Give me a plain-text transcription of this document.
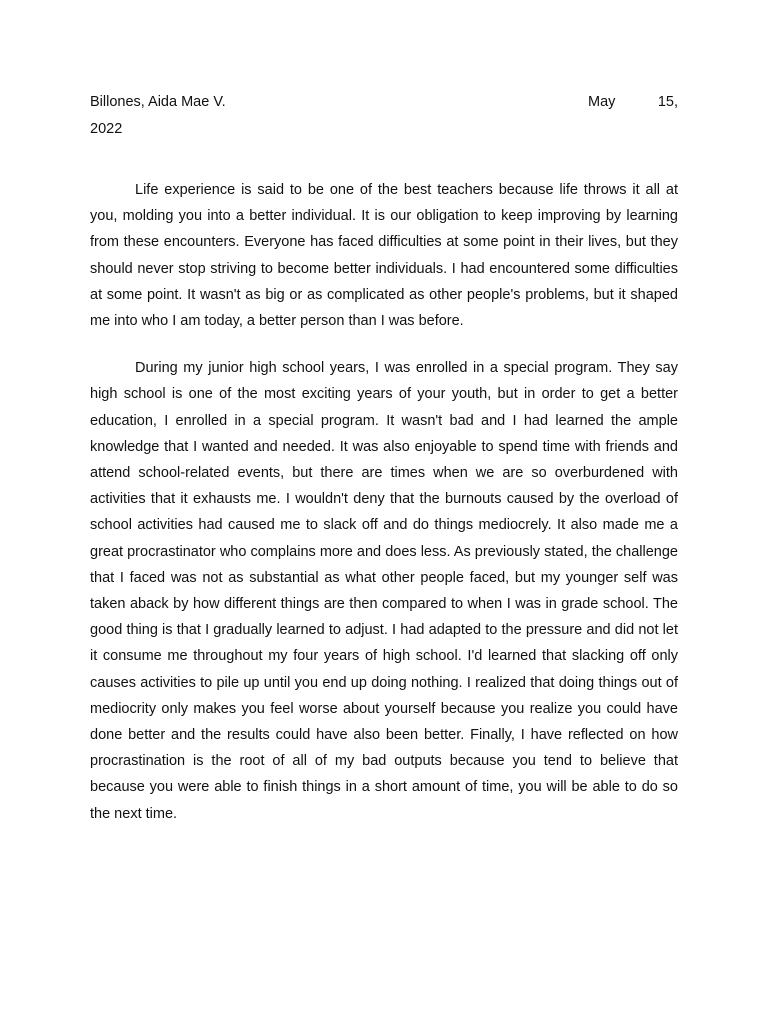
Billones, Aida Mae V.	May	15,
2022

Life experience is said to be one of the best teachers because life throws it all at you, molding you into a better individual. It is our obligation to keep improving by learning from these encounters. Everyone has faced difficulties at some point in their lives, but they should never stop striving to become better individuals. I had encountered some difficulties at some point. It wasn't as big or as complicated as other people's problems, but it shaped me into who I am today, a better person than I was before.

During my junior high school years, I was enrolled in a special program. They say high school is one of the most exciting years of your youth, but in order to get a better education, I enrolled in a special program. It wasn't bad and I had learned the ample knowledge that I wanted and needed. It was also enjoyable to spend time with friends and attend school-related events, but there are times when we are so overburdened with activities that it exhausts me. I wouldn't deny that the burnouts caused by the overload of school activities had caused me to slack off and do things mediocrely. It also made me a great procrastinator who complains more and does less. As previously stated, the challenge that I faced was not as substantial as what other people faced, but my younger self was taken aback by how different things are then compared to when I was in grade school. The good thing is that I gradually learned to adjust. I had adapted to the pressure and did not let it consume me throughout my four years of high school. I'd learned that slacking off only causes activities to pile up until you end up doing nothing. I realized that doing things out of mediocrity only makes you feel worse about yourself because you realize you could have done better and the results could have also been better. Finally, I have reflected on how procrastination is the root of all of my bad outputs because you tend to believe that because you were able to finish things in a short amount of time, you will be able to do so the next time.
